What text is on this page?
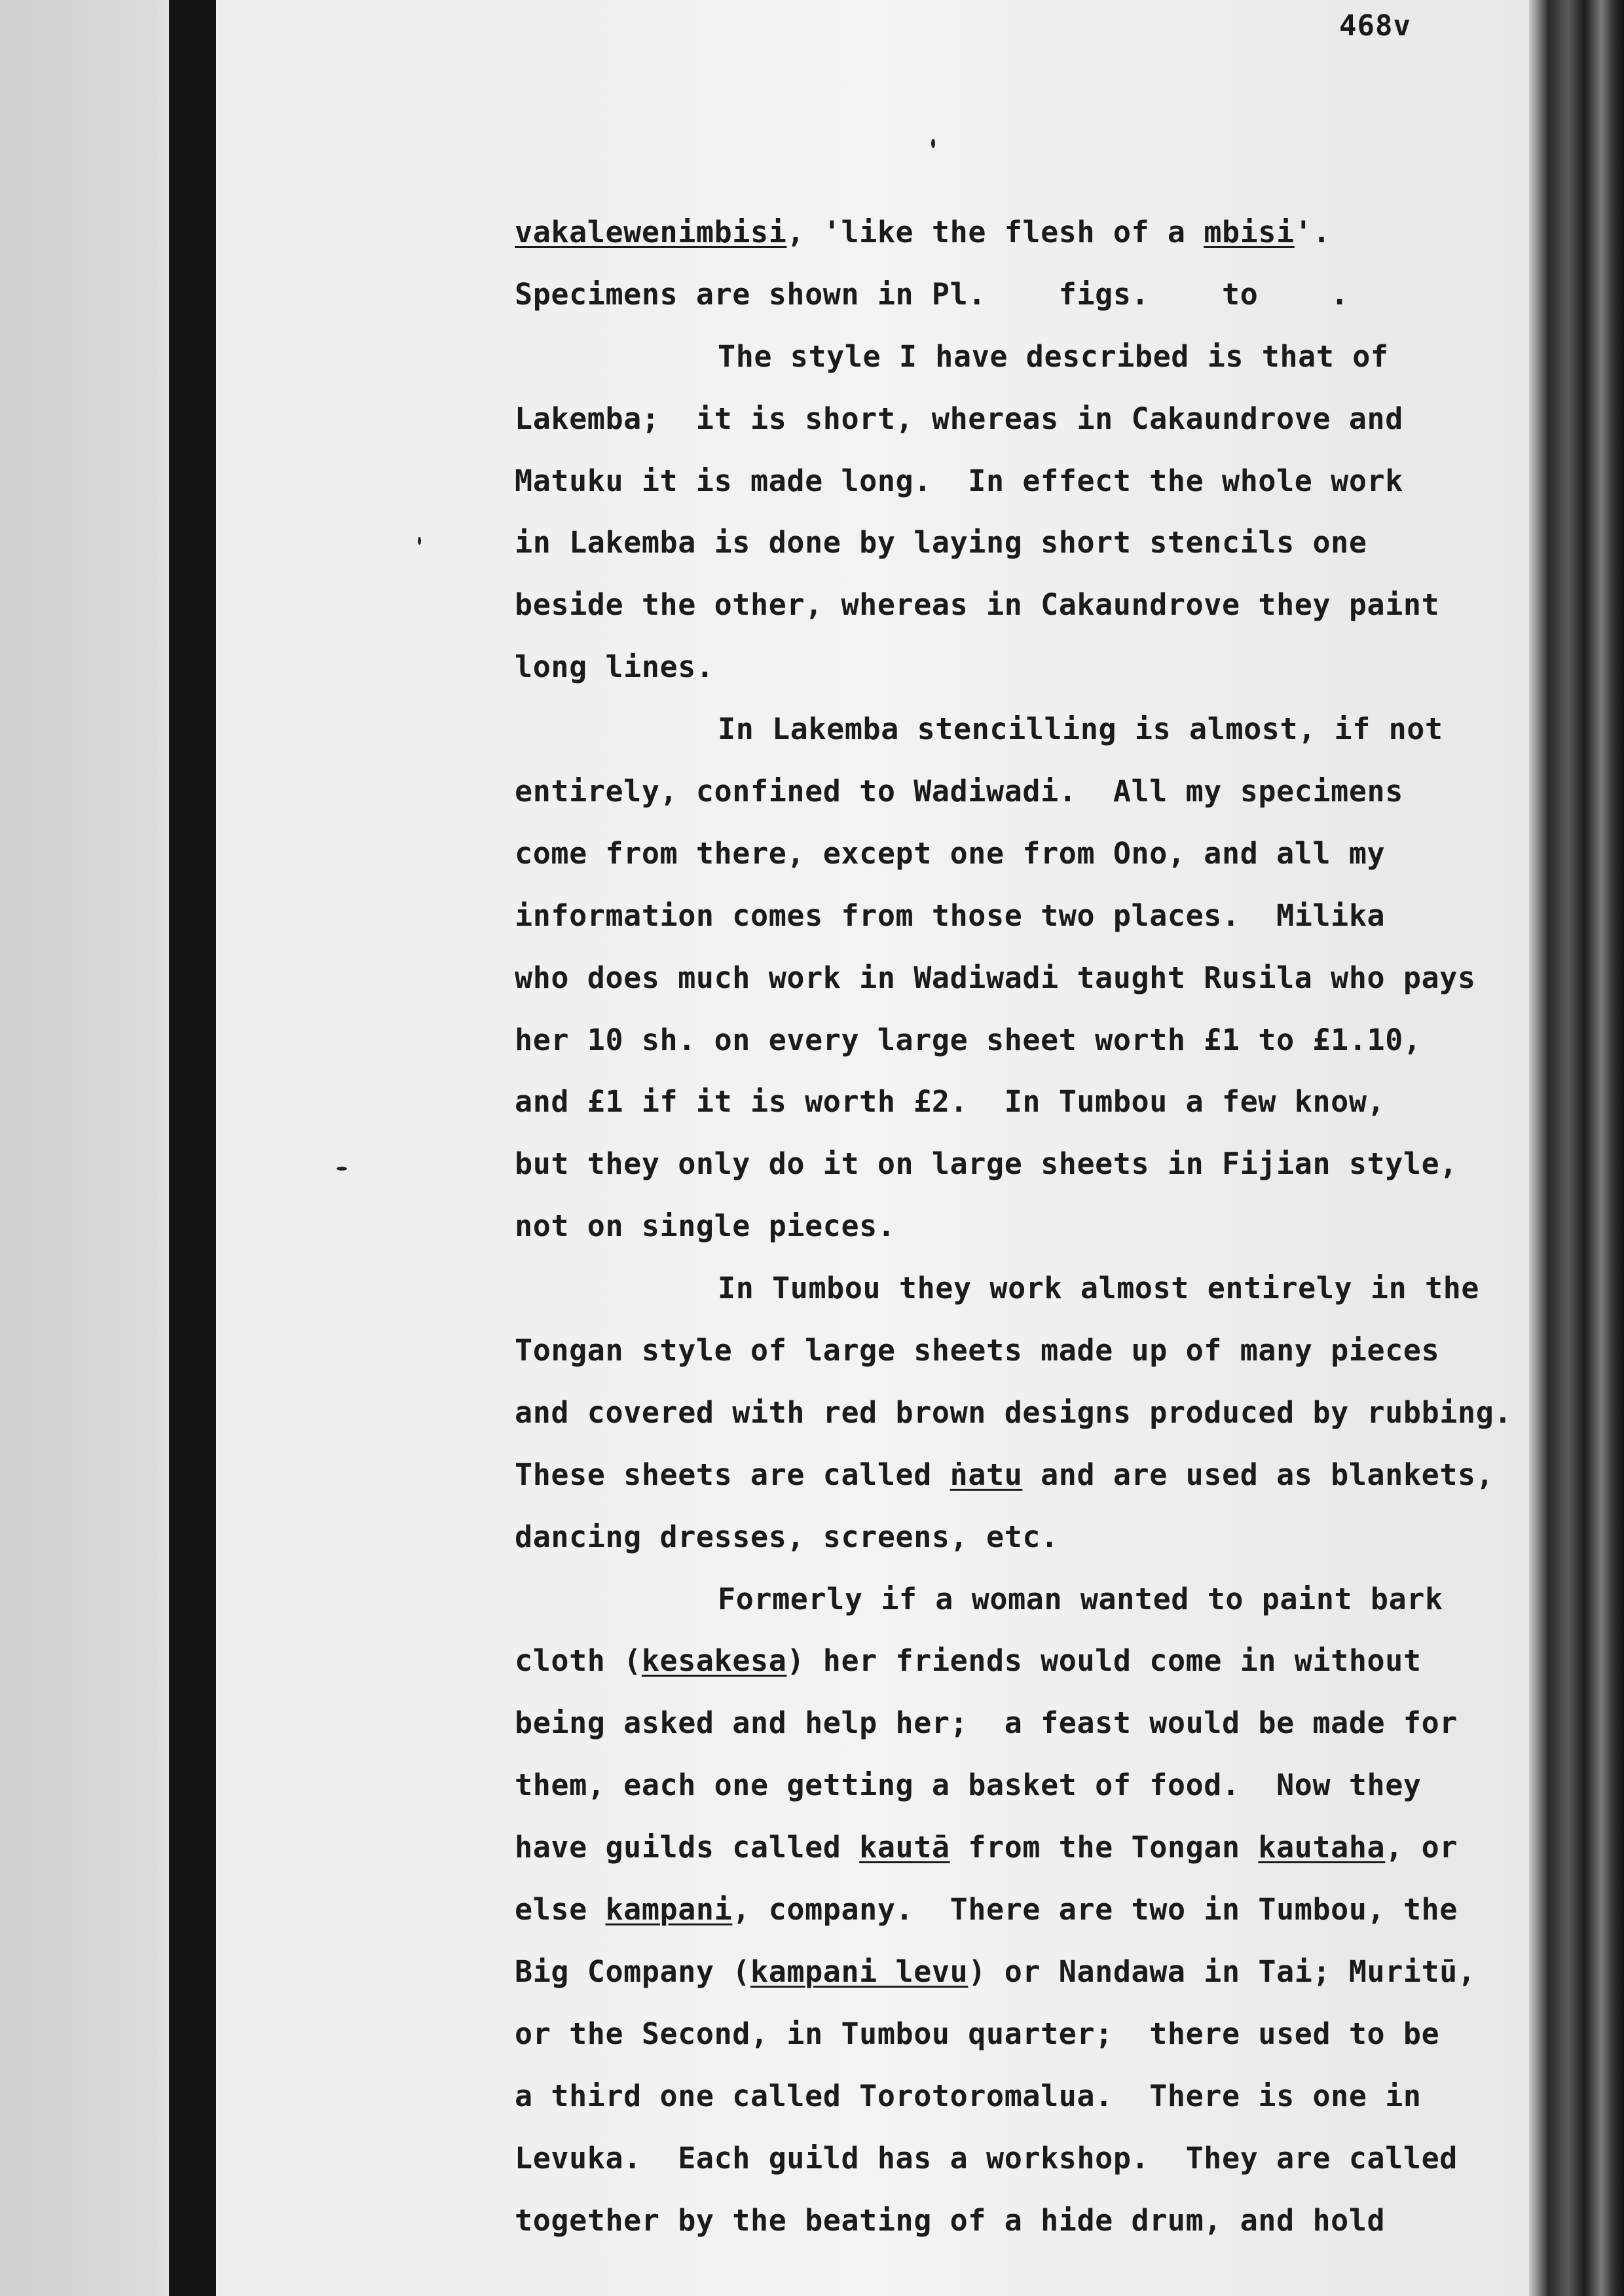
468v
vakalewenimbisi, 'like the flesh of a mbisi'.
Specimens are shown in Pl.    figs.    to    .
The style I have described is that of
Lakemba;  it is short, whereas in Cakaundrove and
Matuku it is made long.  In effect the whole work
in Lakemba is done by laying short stencils one
beside the other, whereas in Cakaundrove they paint
long lines.
In Lakemba stencilling is almost, if not
entirely, confined to Wadiwadi.  All my specimens
come from there, except one from Ono, and all my
information comes from those two places.  Milika
who does much work in Wadiwadi taught Rusila who pays
her 10 sh. on every large sheet worth £1 to £1.10,
and £1 if it is worth £2.  In Tumbou a few know,
but they only do it on large sheets in Fijian style,
not on single pieces.
In Tumbou they work almost entirely in the
Tongan style of large sheets made up of many pieces
and covered with red brown designs produced by rubbing.
These sheets are called ṅatu and are used as blankets,
dancing dresses, screens, etc.
Formerly if a woman wanted to paint bark
cloth (kesakesa) her friends would come in without
being asked and help her;  a feast would be made for
them, each one getting a basket of food.  Now they
have guilds called kautā from the Tongan kautaha, or
else kampani, company.  There are two in Tumbou, the
Big Company (kampani levu) or Nandawa in Tai; Muritū,
or the Second, in Tumbou quarter;  there used to be
a third one called Torotoromalua.  There is one in
Levuka.  Each guild has a workshop.  They are called
together by the beating of a hide drum, and hold
